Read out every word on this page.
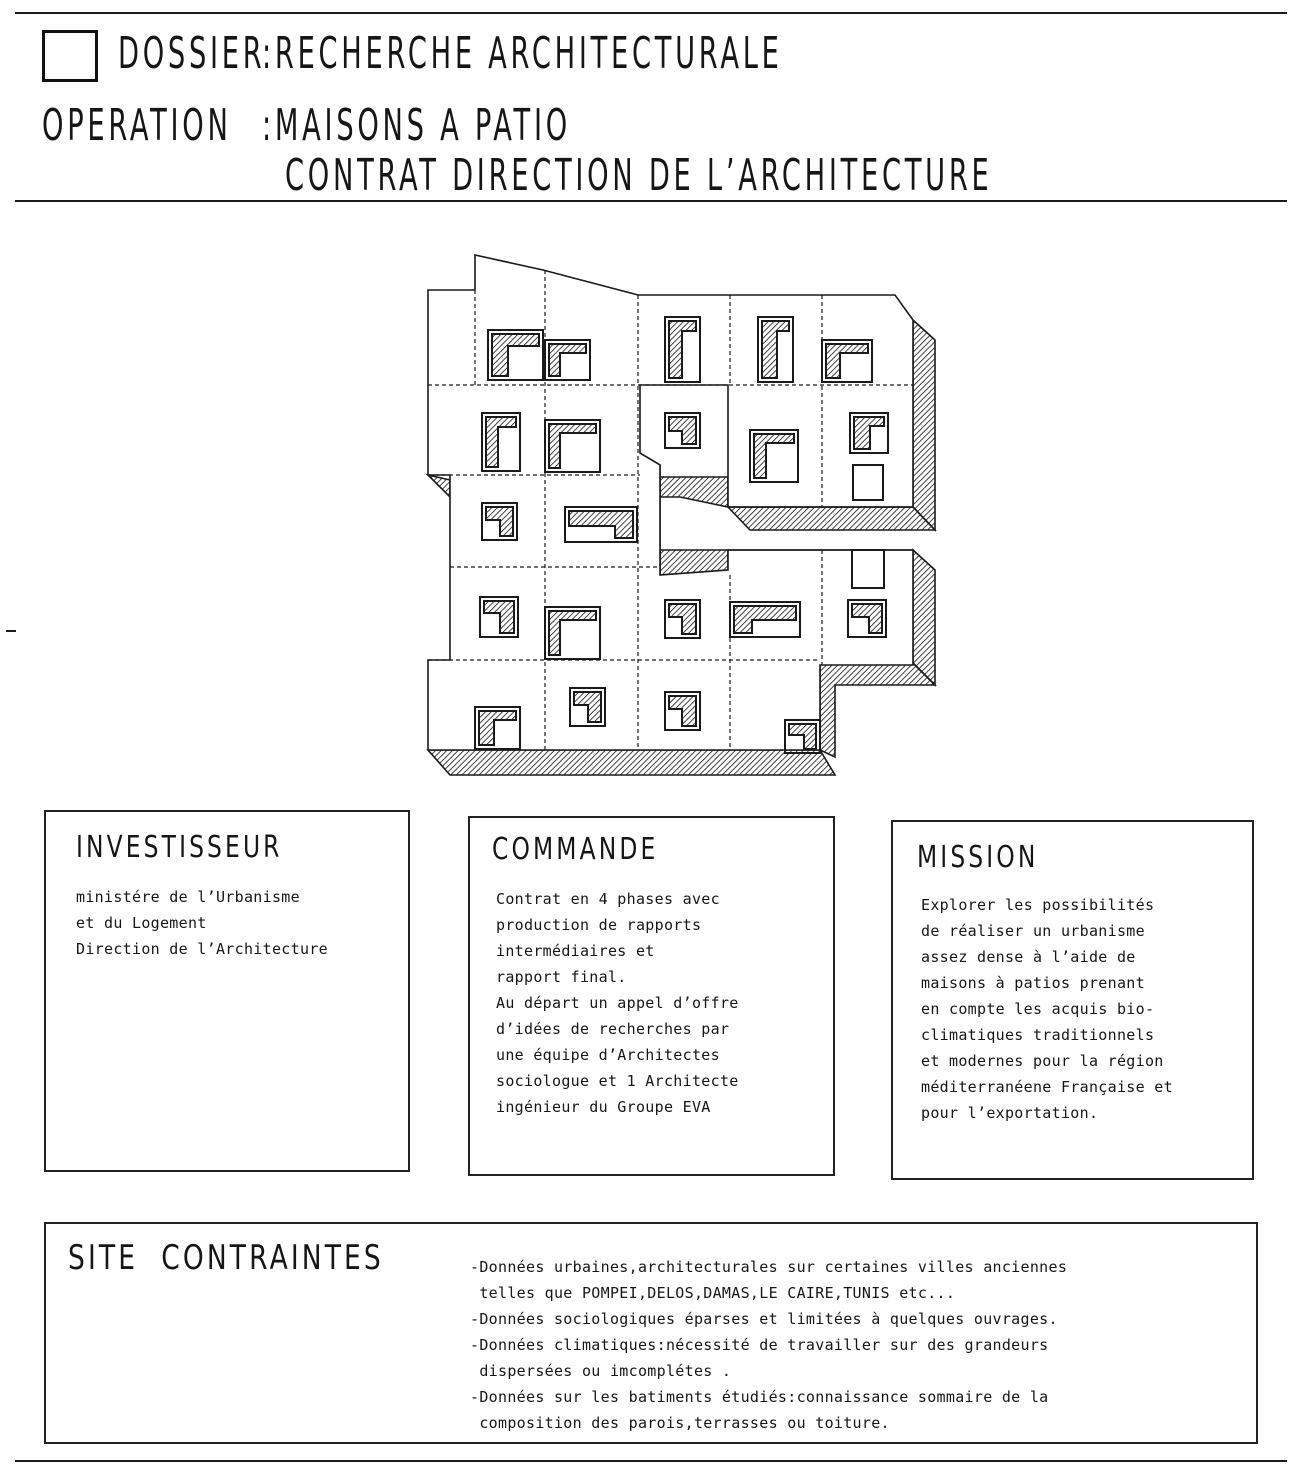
DOSSIER
:RECHERCHE ARCHITECTURALE
OPERATION :MAISONS A PATIO
CONTRAT DIRECTION DE L’ARCHITECTURE
INVESTISSEUR
ministére de l’Urbanisme
et du Logement
Direction de l’Architecture
COMMANDE
Contrat en 4 phases avec
production de rapports
intermédiaires et
rapport final.
Au départ un appel d’offre
d’idées de recherches par
une équipe d’Architectes
sociologue et 1 Architecte
ingénieur du Groupe EVA
MISSION
Explorer les possibilités
de réaliser un urbanisme
assez dense à l’aide de
maisons à patios prenant
en compte les acquis bio-
climatiques traditionnels
et modernes pour la région
méditerranéene Française et
pour l’exportation.
SITE  CONTRAINTES	-Données urbaines,architecturales sur certaines villes anciennes
telles que POMPEI,DELOS,DAMAS,LE CAIRE,TUNIS etc...
-Données sociologiques éparses et limitées à quelques ouvrages.
-Données climatiques:nécessité de travailler sur des grandeurs
dispersées ou imcomplétes .
-Données sur les batiments étudiés:connaissance sommaire de la
composition des parois,terrasses ou toiture.
